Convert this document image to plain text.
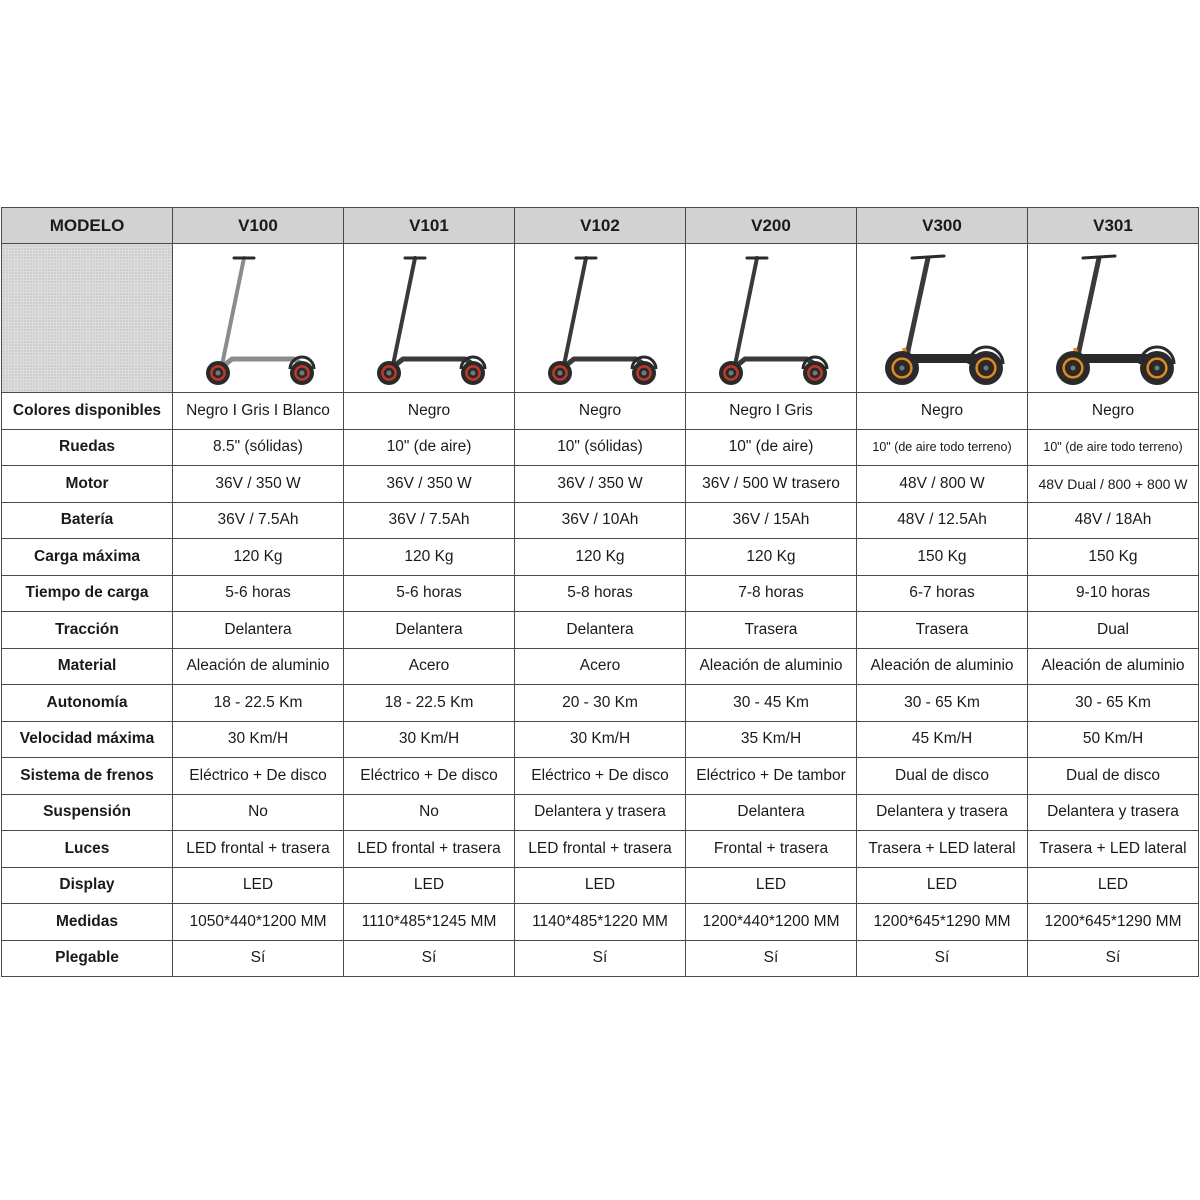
MODELO	V100	V101	V102	V200	V300	V301

Colores disponibles	Negro I Gris I Blanco	Negro	Negro	Negro I Gris	Negro	Negro
Ruedas	8.5" (sólidas)	10" (de aire)	10" (sólidas)	10" (de aire)	10" (de aire todo terreno)	10" (de aire todo terreno)
Motor	36V / 350 W	36V / 350 W	36V / 350 W	36V / 500 W trasero	48V / 800 W	48V Dual / 800 + 800 W
Batería	36V / 7.5Ah	36V / 7.5Ah	36V / 10Ah	36V / 15Ah	48V / 12.5Ah	48V / 18Ah
Carga máxima	120 Kg	120 Kg	120 Kg	120 Kg	150 Kg	150 Kg
Tiempo de carga	5-6 horas	5-6 horas	5-8 horas	7-8 horas	6-7 horas	9-10 horas
Tracción	Delantera	Delantera	Delantera	Trasera	Trasera	Dual
Material	Aleación de aluminio	Acero	Acero	Aleación de aluminio	Aleación de aluminio	Aleación de aluminio
Autonomía	18 - 22.5 Km	18 - 22.5 Km	20 - 30 Km	30 - 45 Km	30 - 65 Km	30 - 65 Km
Velocidad máxima	30 Km/H	30 Km/H	30 Km/H	35 Km/H	45 Km/H	50 Km/H
Sistema de frenos	Eléctrico + De disco	Eléctrico + De disco	Eléctrico + De disco	Eléctrico + De tambor	Dual de disco	Dual de disco
Suspensión	No	No	Delantera y trasera	Delantera	Delantera y trasera	Delantera y trasera
Luces	LED frontal + trasera	LED frontal + trasera	LED frontal + trasera	Frontal + trasera	Trasera + LED lateral	Trasera + LED lateral
Display	LED	LED	LED	LED	LED	LED
Medidas	1050*440*1200 MM	1110*485*1245 MM	1140*485*1220 MM	1200*440*1200 MM	1200*645*1290 MM	1200*645*1290 MM
Plegable	Sí	Sí	Sí	Sí	Sí	Sí
